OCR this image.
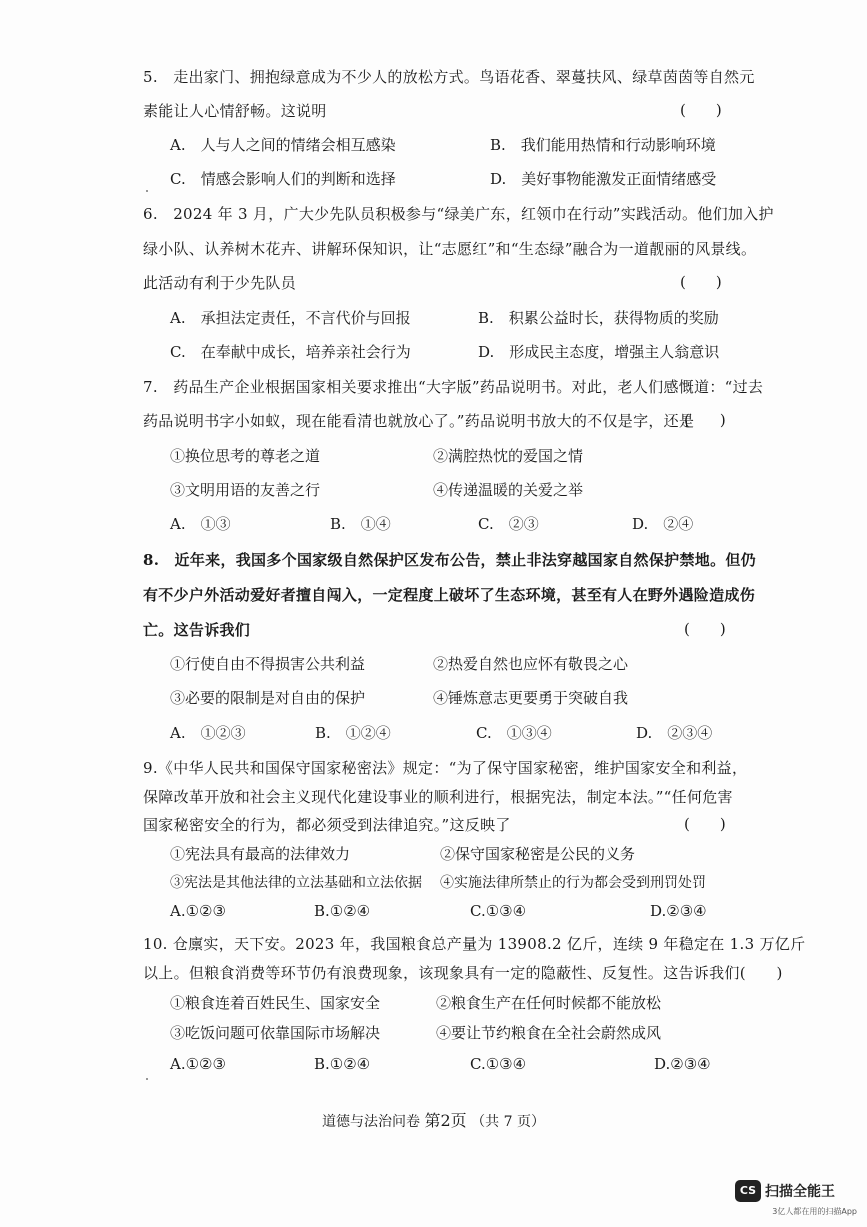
5.　走出家门、拥抱绿意成为不少人的放松方式。鸟语花香、翠蔓扶风、绿草茵茵等自然元
素能让人心情舒畅。这说明	(　　)
A.　人与人之间的情绪会相互感染	B.　我们能用热情和行动影响环境
C.　情感会影响人们的判断和选择	D.　美好事物能激发正面情绪感受
6.　2024 年 3 月，广大少先队员积极参与“绿美广东，红领巾在行动”实践活动。他们加入护
绿小队、认养树木花卉、讲解环保知识，让“志愿红”和“生态绿”融合为一道靓丽的风景线。
此活动有利于少先队员	(　　)
A.　承担法定责任，不言代价与回报	B.　积累公益时长，获得物质的奖励
C.　在奉献中成长，培养亲社会行为	D.　形成民主态度，增强主人翁意识
7.　药品生产企业根据国家相关要求推出“大字版”药品说明书。对此，老人们感慨道：“过去
药品说明书字小如蚁，现在能看清也就放心了。”药品说明书放大的不仅是字，还是
(　　)
①换位思考的尊老之道	②满腔热忱的爱国之情
③文明用语的友善之行	④传递温暖的关爱之举
A.　①③	B.　①④	C.　②③	D.　②④
8.　近年来，我国多个国家级自然保护区发布公告，禁止非法穿越国家自然保护禁地。但仍
有不少户外活动爱好者擅自闯入，一定程度上破坏了生态环境，甚至有人在野外遇险造成伤
亡。这告诉我们	(　　)
①行使自由不得损害公共利益	②热爱自然也应怀有敬畏之心
③必要的限制是对自由的保护	④锤炼意志更要勇于突破自我
A.　①②③	B.　①②④	C.　①③④	D.　②③④
9.《中华人民共和国保守国家秘密法》规定：“为了保守国家秘密，维护国家安全和利益，
保障改革开放和社会主义现代化建设事业的顺利进行，根据宪法，制定本法。”“任何危害
国家秘密安全的行为，都必须受到法律追究。”这反映了	(　　)
①宪法具有最高的法律效力	②保守国家秘密是公民的义务
③宪法是其他法律的立法基础和立法依据 ④实施法律所禁止的行为都会受到刑罚处罚
A.①②③	B.①②④	C.①③④	D.②③④
10. 仓廪实，天下安。2023 年，我国粮食总产量为 13908.2 亿斤，连续 9 年稳定在 1.3 万亿斤
以上。但粮食消费等环节仍有浪费现象，该现象具有一定的隐蔽性、反复性。这告诉我们(　　)
①粮食连着百姓民生、国家安全	②粮食生产在任何时候都不能放松
③吃饭问题可依靠国际市场解决	④要让节约粮食在全社会蔚然成风
A.①②③	B.①②④	C.①③④	D.②③④
道德与法治问卷 第2页 （共 7 页）
CS 扫描全能王
3亿人都在用的扫描App
